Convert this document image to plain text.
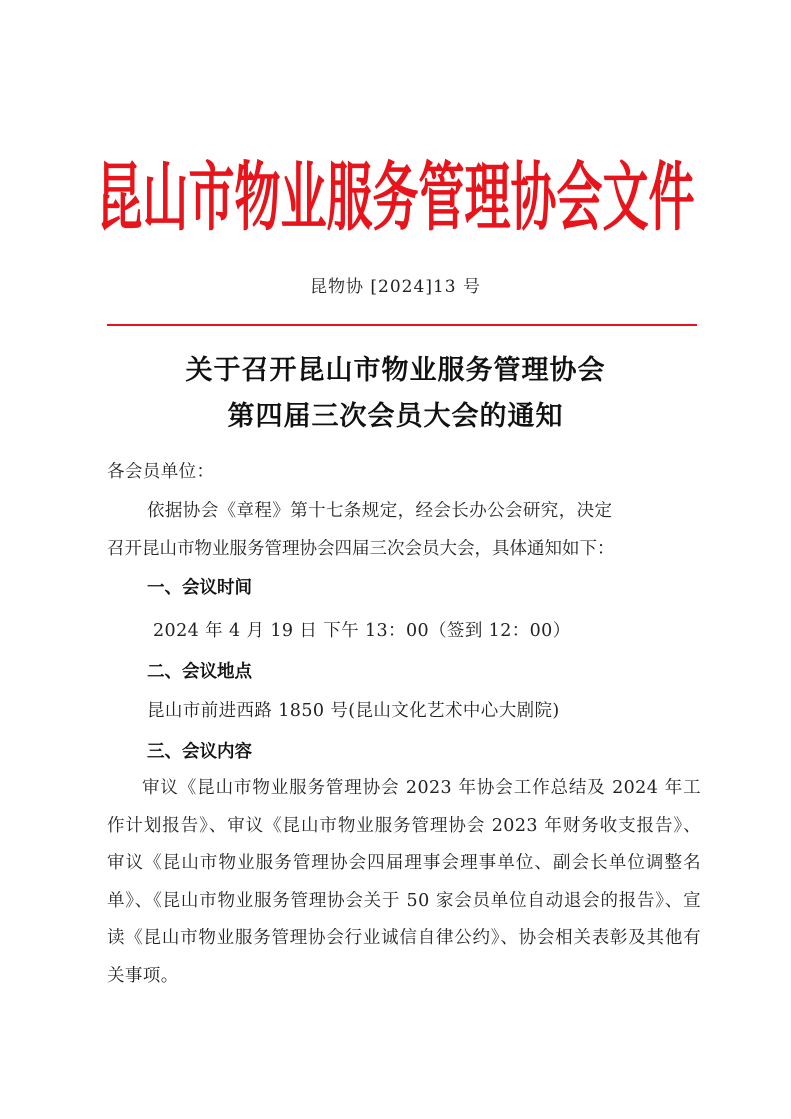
昆山市物业服务管理协会文件
昆物协 [2024]13 号
关于召开昆山市物业服务管理协会
第四届三次会员大会的通知
各会员单位：
依据协会《章程》第十七条规定，经会长办公会研究，决定
召开昆山市物业服务管理协会四届三次会员大会，具体通知如下：
一、会议时间
2024 年 4 月 19 日 下午 13：00（签到 12：00）
二、会议地点
昆山市前进西路 1850 号(昆山文化艺术中心大剧院)
三、会议内容
审议《昆山市物业服务管理协会 2023 年协会工作总结及 2024 年工作计划报告》、审议《昆山市物业服务管理协会 2023 年财务收支报告》、审议《昆山市物业服务管理协会四届理事会理事单位、副会长单位调整名单》、《昆山市物业服务管理协会关于 50 家会员单位自动退会的报告》、宣读《昆山市物业服务管理协会行业诚信自律公约》、协会相关表彰及其他有关事项。
